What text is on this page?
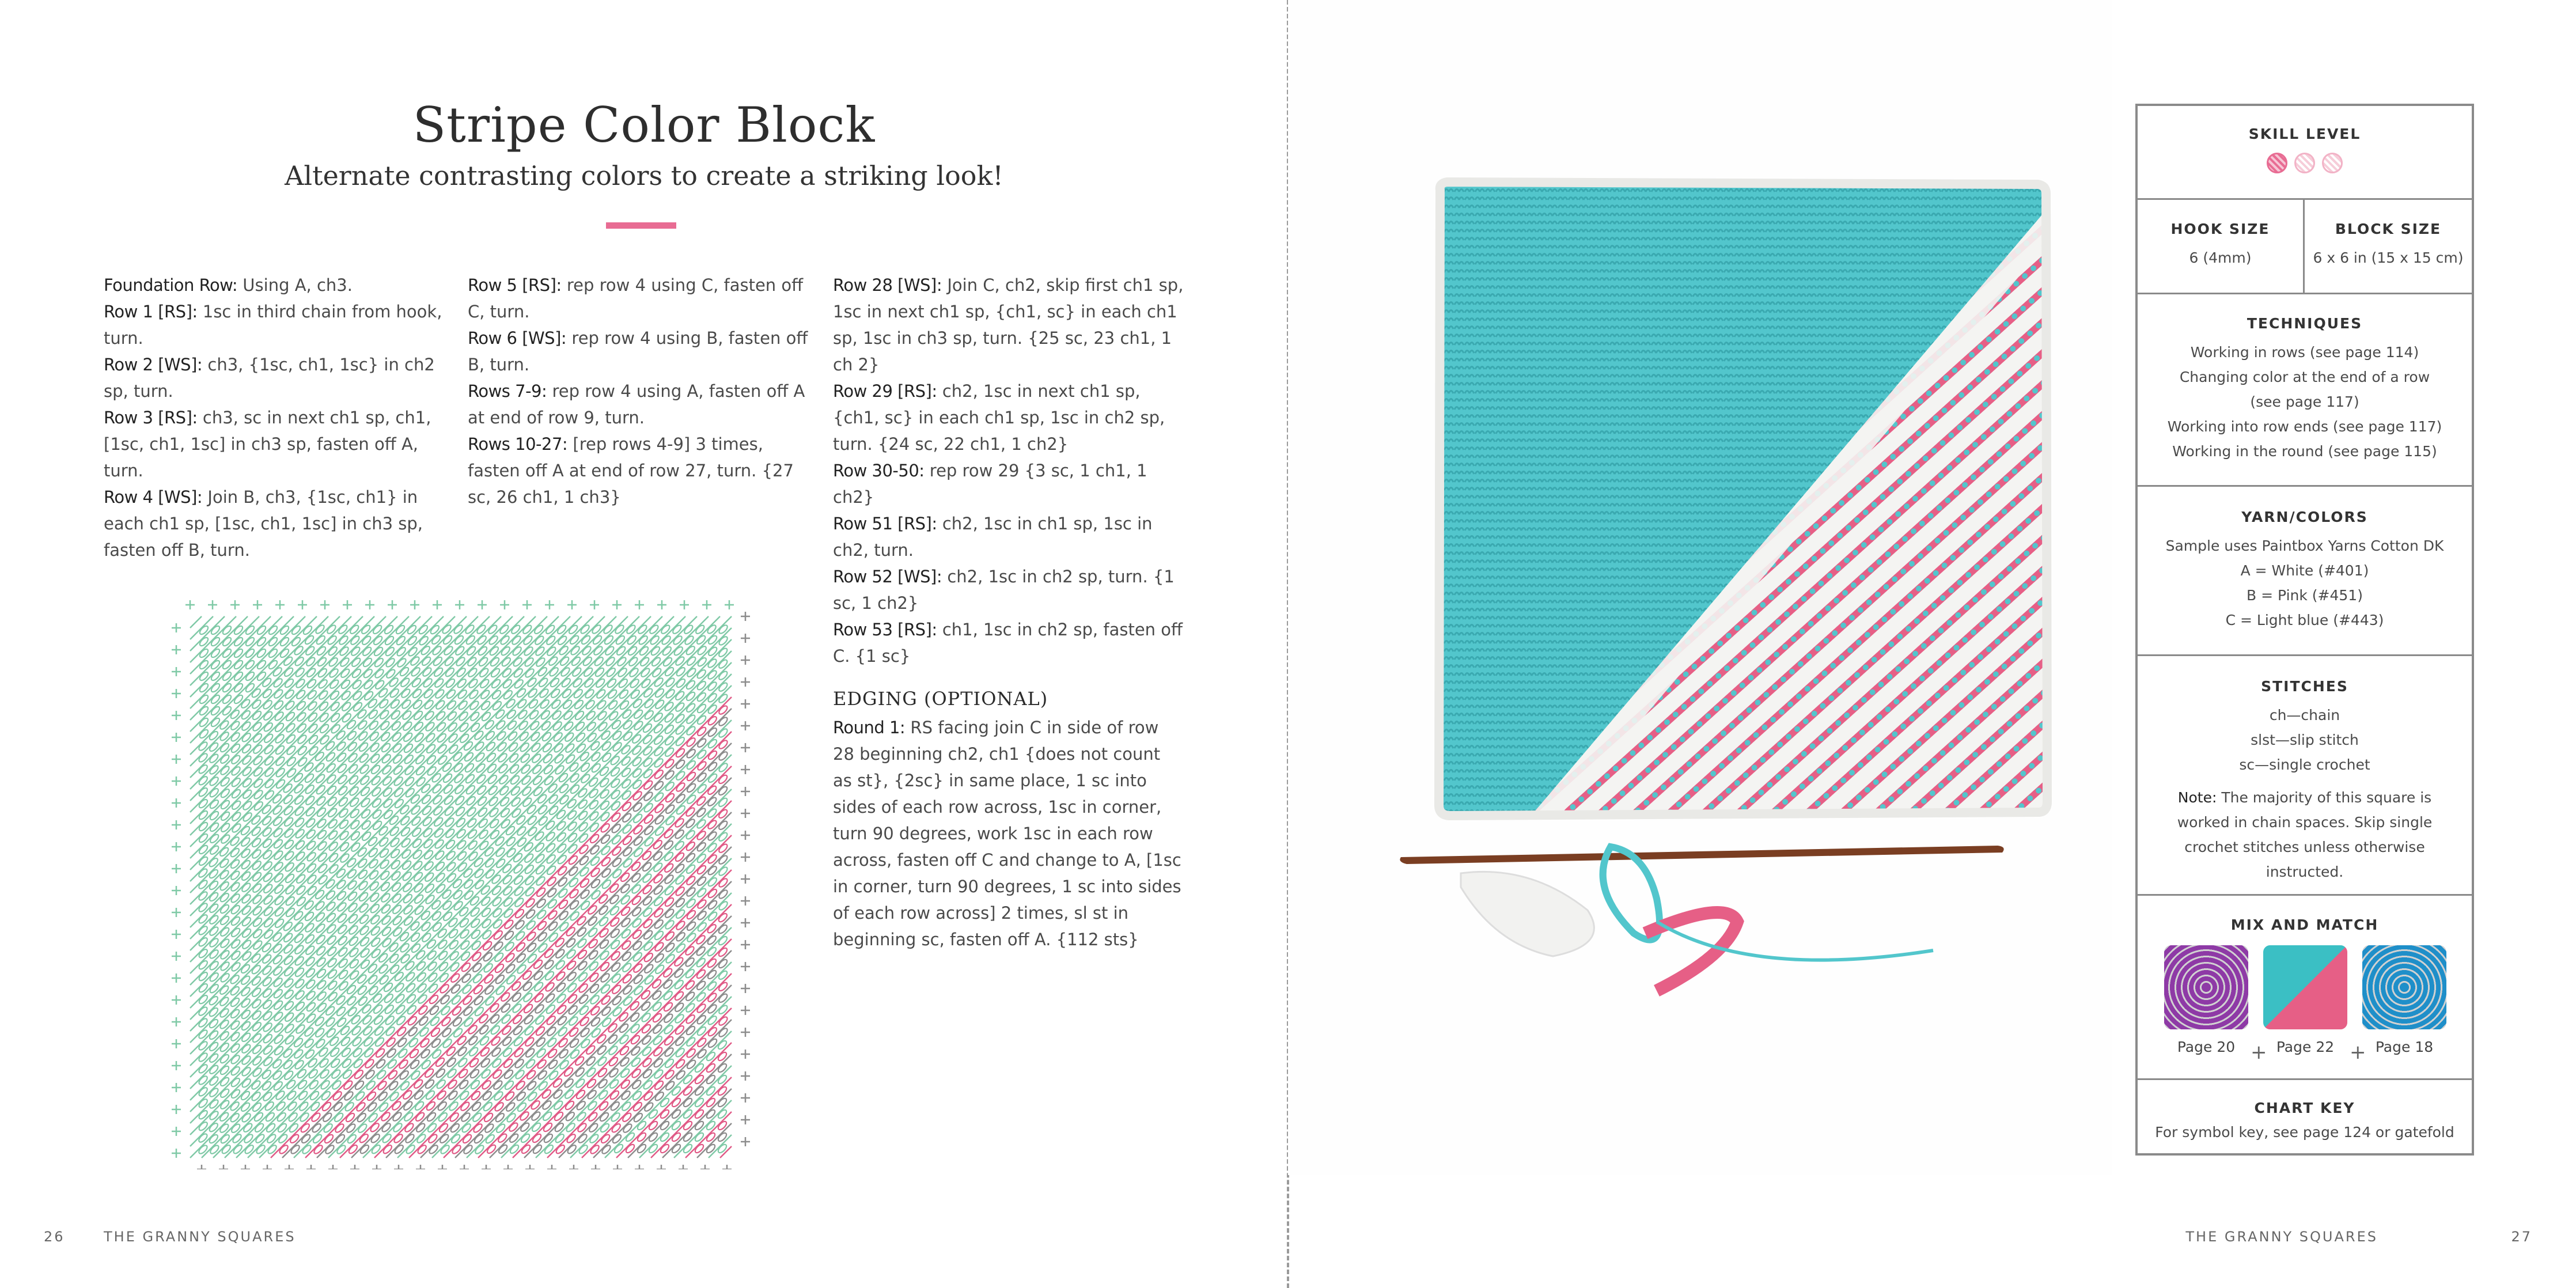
Stripe Color Block
Alternate contrasting colors to create a striking look!

Foundation Row: Using A, ch3.

Row 1 [RS]: 1sc in third chain from hook, turn.

Row 2 [WS]: ch3, {1sc, ch1, 1sc} in ch2 sp, turn.

Row 3 [RS]: ch3, sc in next ch1 sp, ch1, [1sc, ch1, 1sc] in ch3 sp, fasten off A, turn.

Row 4 [WS]: Join B, ch3, {1sc, ch1} in each ch1 sp, [1sc, ch1, 1sc] in ch3 sp, fasten off B, turn.

Row 5 [RS]: rep row 4 using C, fasten off C, turn.

Row 6 [WS]: rep row 4 using B, fasten off B, turn.

Rows 7-9: rep row 4 using A, fasten off A at end of row 9, turn.

Rows 10-27: [rep rows 4-9] 3 times, fasten off A at end of row 27, turn. {27 sc, 26 ch1, 1 ch3}

Row 28 [WS]: Join C, ch2, skip first ch1 sp, 1sc in next ch1 sp, {ch1, sc} in each ch1 sp, 1sc in ch3 sp, turn. {25 sc, 23 ch1, 1 ch 2}

Row 29 [RS]: ch2, 1sc in next ch1 sp, {ch1, sc} in each ch1 sp, 1sc in ch2 sp, turn. {24 sc, 22 ch1, 1 ch2}

Row 30-50: rep row 29 {3 sc, 1 ch1, 1 ch2}

Row 51 [RS]: ch2, 1sc in ch1 sp, 1sc in ch2, turn.

Row 52 [WS]: ch2, 1sc in ch2 sp, turn. {1 sc, 1 ch2}

Row 53 [RS]: ch1, 1sc in ch2 sp, fasten off C. {1 sc}

EDGING (OPTIONAL)

Round 1: RS facing join C in side of row 28 beginning ch2, ch1 {does not count as st}, {2sc} in same place, 1 sc into sides of each row across, 1sc in corner, turn 90 degrees, work 1sc in each row across, fasten off C and change to A, [1sc in corner, turn 90 degrees, 1 sc into sides of each row across] 2 times, sl st in beginning sc, fasten off A. {112 sts}

26	THE GRANNY SQUARES	THE GRANNY SQUARES	27
SKILL LEVEL
HOOK SIZE
6 (4mm)
BLOCK SIZE
6 x 6 in (15 x 15 cm)
TECHNIQUES
Working in rows (see page 114)
Changing color at the end of a row
(see page 117)
Working into row ends (see page 117)
Working in the round (see page 115)
YARN/COLORS
Sample uses Paintbox Yarns Cotton DK
A = White (#401)
B = Pink (#451)
C = Light blue (#443)
STITCHES
ch—chain
slst—slip stitch
sc—single crochet
Note: The majority of this square is worked in chain spaces. Skip single crochet stitches unless otherwise instructed.
MIX AND MATCH
Page 20 + Page 22 + Page 18
CHART KEY
For symbol key, see page 124 or gatefold
